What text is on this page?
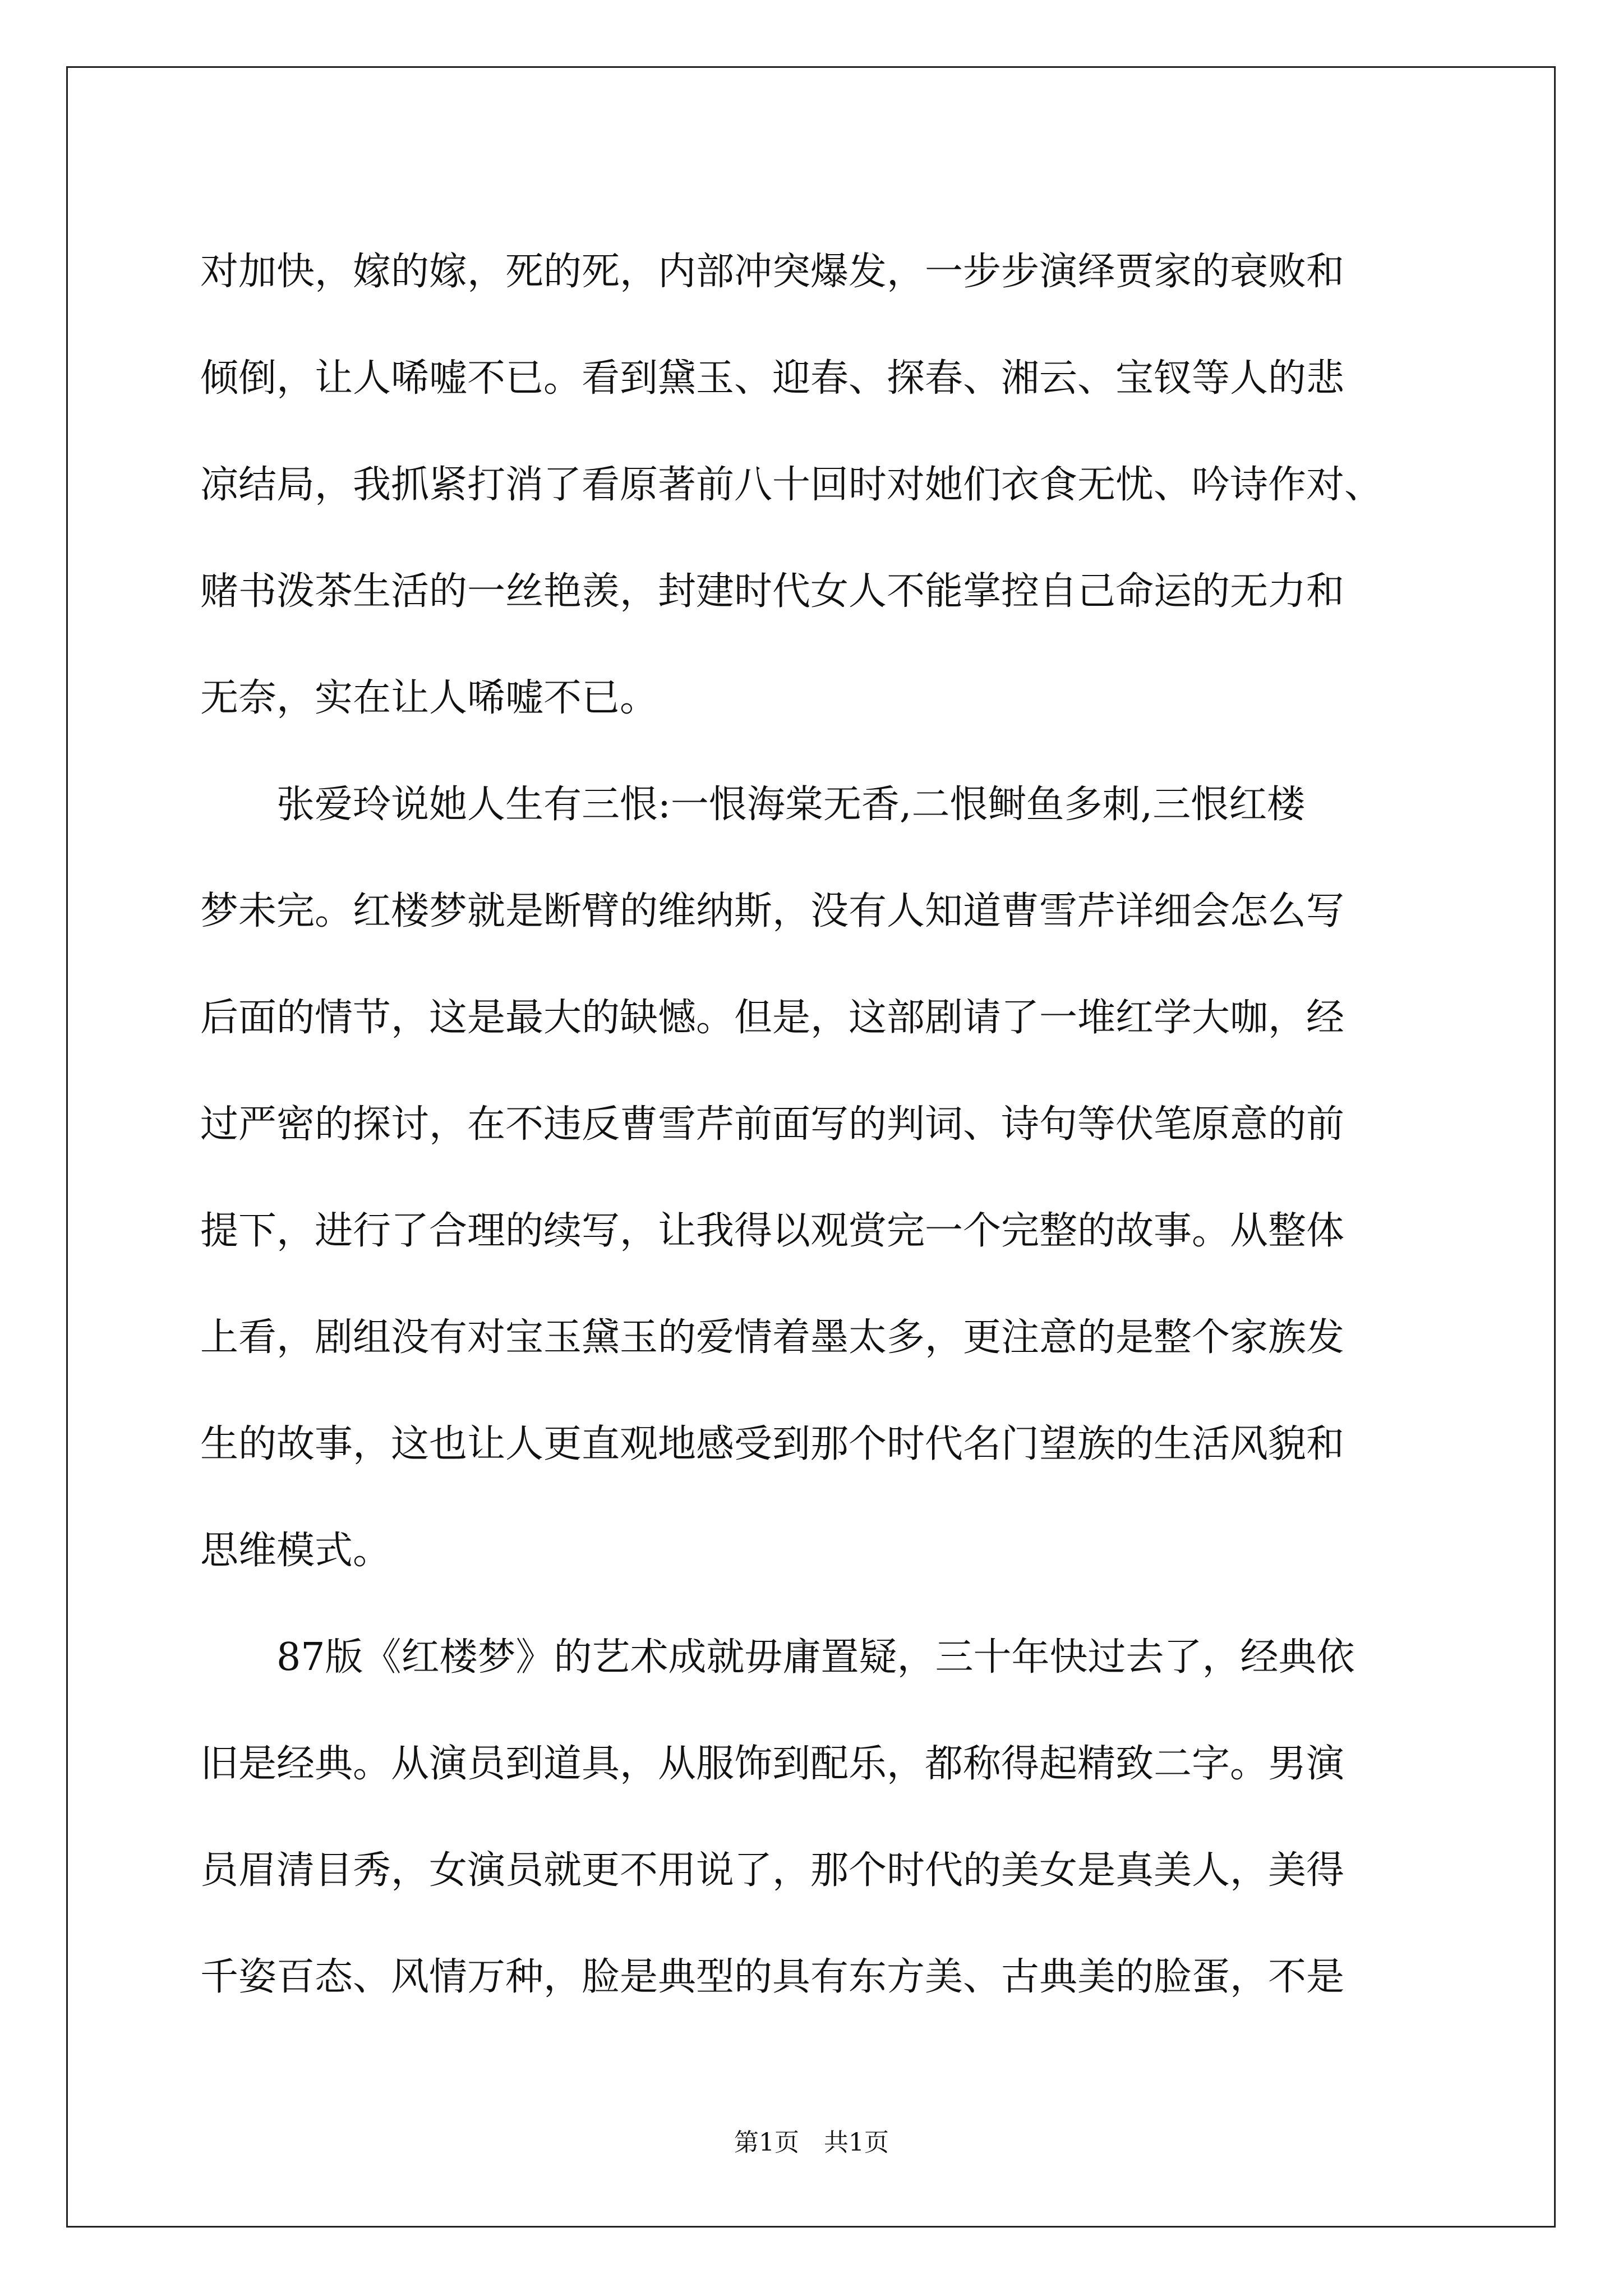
对加快，嫁的嫁，死的死，内部冲突爆发，一步步演绎贾家的衰败和
倾倒，让人唏嘘不已。看到黛玉、迎春、探春、湘云、宝钗等人的悲
凉结局，我抓紧打消了看原著前八十回时对她们衣食无忧、吟诗作对、
赌书泼茶生活的一丝艳羡，封建时代女人不能掌控自己命运的无力和
无奈，实在让人唏嘘不已。
　　张爱玲说她人生有三恨:一恨海棠无香,二恨鲥鱼多刺,三恨红楼
梦未完。红楼梦就是断臂的维纳斯，没有人知道曹雪芹详细会怎么写
后面的情节，这是最大的缺憾。但是，这部剧请了一堆红学大咖，经
过严密的探讨，在不违反曹雪芹前面写的判词、诗句等伏笔原意的前
提下，进行了合理的续写，让我得以观赏完一个完整的故事。从整体
上看，剧组没有对宝玉黛玉的爱情着墨太多，更注意的是整个家族发
生的故事，这也让人更直观地感受到那个时代名门望族的生活风貌和
思维模式。
　　87版《红楼梦》的艺术成就毋庸置疑，三十年快过去了，经典依
旧是经典。从演员到道具，从服饰到配乐，都称得起精致二字。男演
员眉清目秀，女演员就更不用说了，那个时代的美女是真美人，美得
千姿百态、风情万种，脸是典型的具有东方美、古典美的脸蛋，不是
第1页　共1页
